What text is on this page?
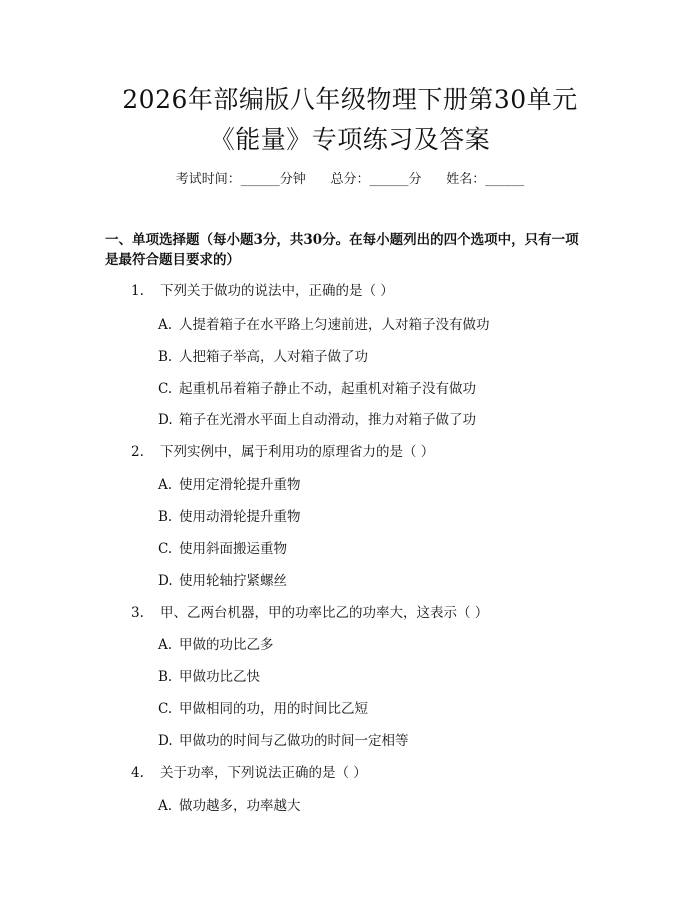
2026年部编版八年级物理下册第30单元
《能量》专项练习及答案
考试时间：______分钟      总分：______分      姓名：______
一、单项选择题（每小题3分，共30分。在每小题列出的四个选项中，只有一项
是最符合题目要求的）
1. 下列关于做功的说法中，正确的是（ ）
A. 人提着箱子在水平路上匀速前进，人对箱子没有做功
B. 人把箱子举高，人对箱子做了功
C. 起重机吊着箱子静止不动，起重机对箱子没有做功
D. 箱子在光滑水平面上自动滑动，推力对箱子做了功
2. 下列实例中，属于利用功的原理省力的是（ ）
A. 使用定滑轮提升重物
B. 使用动滑轮提升重物
C. 使用斜面搬运重物
D. 使用轮轴拧紧螺丝
3. 甲、乙两台机器，甲的功率比乙的功率大，这表示（ ）
A. 甲做的功比乙多
B. 甲做功比乙快
C. 甲做相同的功，用的时间比乙短
D. 甲做功的时间与乙做功的时间一定相等
4. 关于功率，下列说法正确的是（ ）
A. 做功越多，功率越大
